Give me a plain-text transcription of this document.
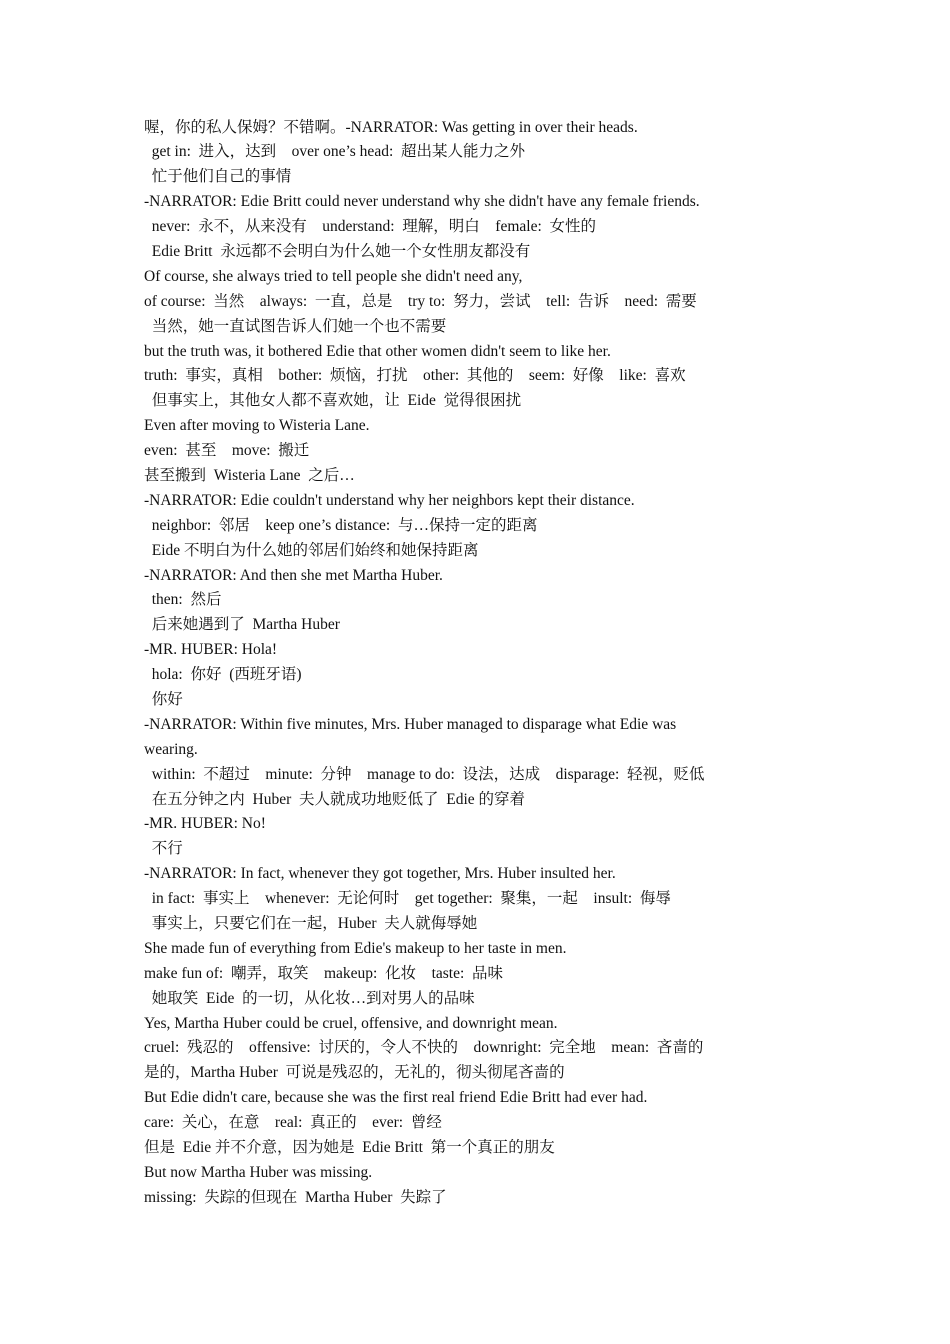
喔，你的私人保姆？不错啊。-NARRATOR: Was getting in over their heads.
get in:  进入，达到    over one’s head:  超出某人能力之外
忙于他们自己的事情
-NARRATOR: Edie Britt could never understand why she didn't have any female friends.
never:  永不，从来没有    understand:  理解，明白    female:  女性的
Edie Britt  永远都不会明白为什么她一个女性朋友都没有
Of course, she always tried to tell people she didn't need any,
of course:  当然    always:  一直，总是    try to:  努力，尝试    tell:  告诉    need:  需要
当然，她一直试图告诉人们她一个也不需要
but the truth was, it bothered Edie that other women didn't seem to like her.
truth:  事实，真相    bother:  烦恼，打扰    other:  其他的    seem:  好像    like:  喜欢
但事实上，其他女人都不喜欢她，让  Eide  觉得很困扰
Even after moving to Wisteria Lane.
even:  甚至    move:  搬迁
甚至搬到  Wisteria Lane  之后…
-NARRATOR: Edie couldn't understand why her neighbors kept their distance.
neighbor:  邻居    keep one’s distance:  与…保持一定的距离
Eide 不明白为什么她的邻居们始终和她保持距离
-NARRATOR: And then she met Martha Huber.
then:  然后
后来她遇到了  Martha Huber
-MR. HUBER: Hola!
hola:  你好  (西班牙语)
你好
-NARRATOR: Within five minutes, Mrs. Huber managed to disparage what Edie was
wearing.
within:  不超过    minute:  分钟    manage to do:  设法，达成    disparage:  轻视，贬低
在五分钟之内  Huber  夫人就成功地贬低了  Edie 的穿着
-MR. HUBER: No!
不行
-NARRATOR: In fact, whenever they got together, Mrs. Huber insulted her.
in fact:  事实上    whenever:  无论何时    get together:  聚集，一起    insult:  侮辱
事实上，只要它们在一起，Huber  夫人就侮辱她
She made fun of everything from Edie's makeup to her taste in men.
make fun of:  嘲弄，取笑    makeup:  化妆    taste:  品味
她取笑  Eide  的一切，从化妆…到对男人的品味
Yes, Martha Huber could be cruel, offensive, and downright mean.
cruel:  残忍的    offensive:  讨厌的，令人不快的    downright:  完全地    mean:  吝啬的
是的，Martha Huber  可说是残忍的，无礼的，彻头彻尾吝啬的
But Edie didn't care, because she was the first real friend Edie Britt had ever had.
care:  关心，在意    real:  真正的    ever:  曾经
但是  Edie 并不介意，因为她是  Edie Britt  第一个真正的朋友
But now Martha Huber was missing.
missing:  失踪的但现在  Martha Huber  失踪了
